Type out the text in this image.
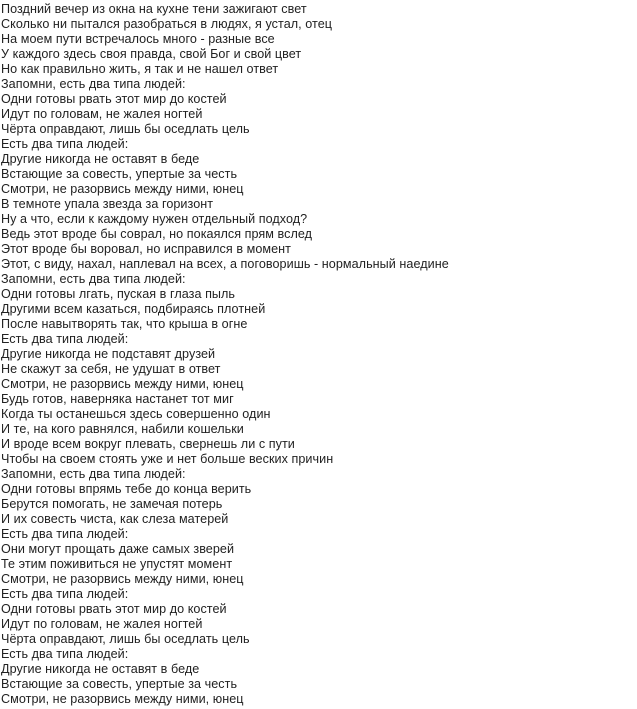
Поздний вечер из окна на кухне тени зажигают свет
Сколько ни пытался разобраться в людях, я устал, отец
На моем пути встречалось много - разные все
У каждого здесь своя правда, свой Бог и свой цвет
Но как правильно жить, я так и не нашел ответ
Запомни, есть два типа людей:
Одни готовы рвать этот мир до костей
Идут по головам, не жалея ногтей
Чёрта оправдают, лишь бы оседлать цель
Есть два типа людей:
Другие никогда не оставят в беде
Встающие за совесть, упертые за честь
Смотри, не разорвись между ними, юнец
В темноте упала звезда за горизонт
Ну а что, если к каждому нужен отдельный подход?
Ведь этот вроде бы соврал, но покаялся прям вслед
Этот вроде бы воровал, но исправился в момент
Этот, с виду, нахал, наплевал на всех, а поговоришь - нормальный наедине
Запомни, есть два типа людей:
Одни готовы лгать, пуская в глаза пыль
Другими всем казаться, подбираясь плотней
После навытворять так, что крыша в огне
Есть два типа людей:
Другие никогда не подставят друзей
Не скажут за себя, не удушат в ответ
Смотри, не разорвись между ними, юнец
Будь готов, наверняка настанет тот миг
Когда ты останешься здесь совершенно один
И те, на кого равнялся, набили кошельки
И вроде всем вокруг плевать, свернешь ли с пути
Чтобы на своем стоять уже и нет больше веских причин
Запомни, есть два типа людей:
Одни готовы впрямь тебе до конца верить
Берутся помогать, не замечая потерь
И их совесть чиста, как слеза матерей
Есть два типа людей:
Они могут прощать даже самых зверей
Те этим поживиться не упустят момент
Смотри, не разорвись между ними, юнец
Есть два типа людей:
Одни готовы рвать этот мир до костей
Идут по головам, не жалея ногтей
Чёрта оправдают, лишь бы оседлать цель
Есть два типа людей:
Другие никогда не оставят в беде
Встающие за совесть, упертые за честь
Смотри, не разорвись между ними, юнец
